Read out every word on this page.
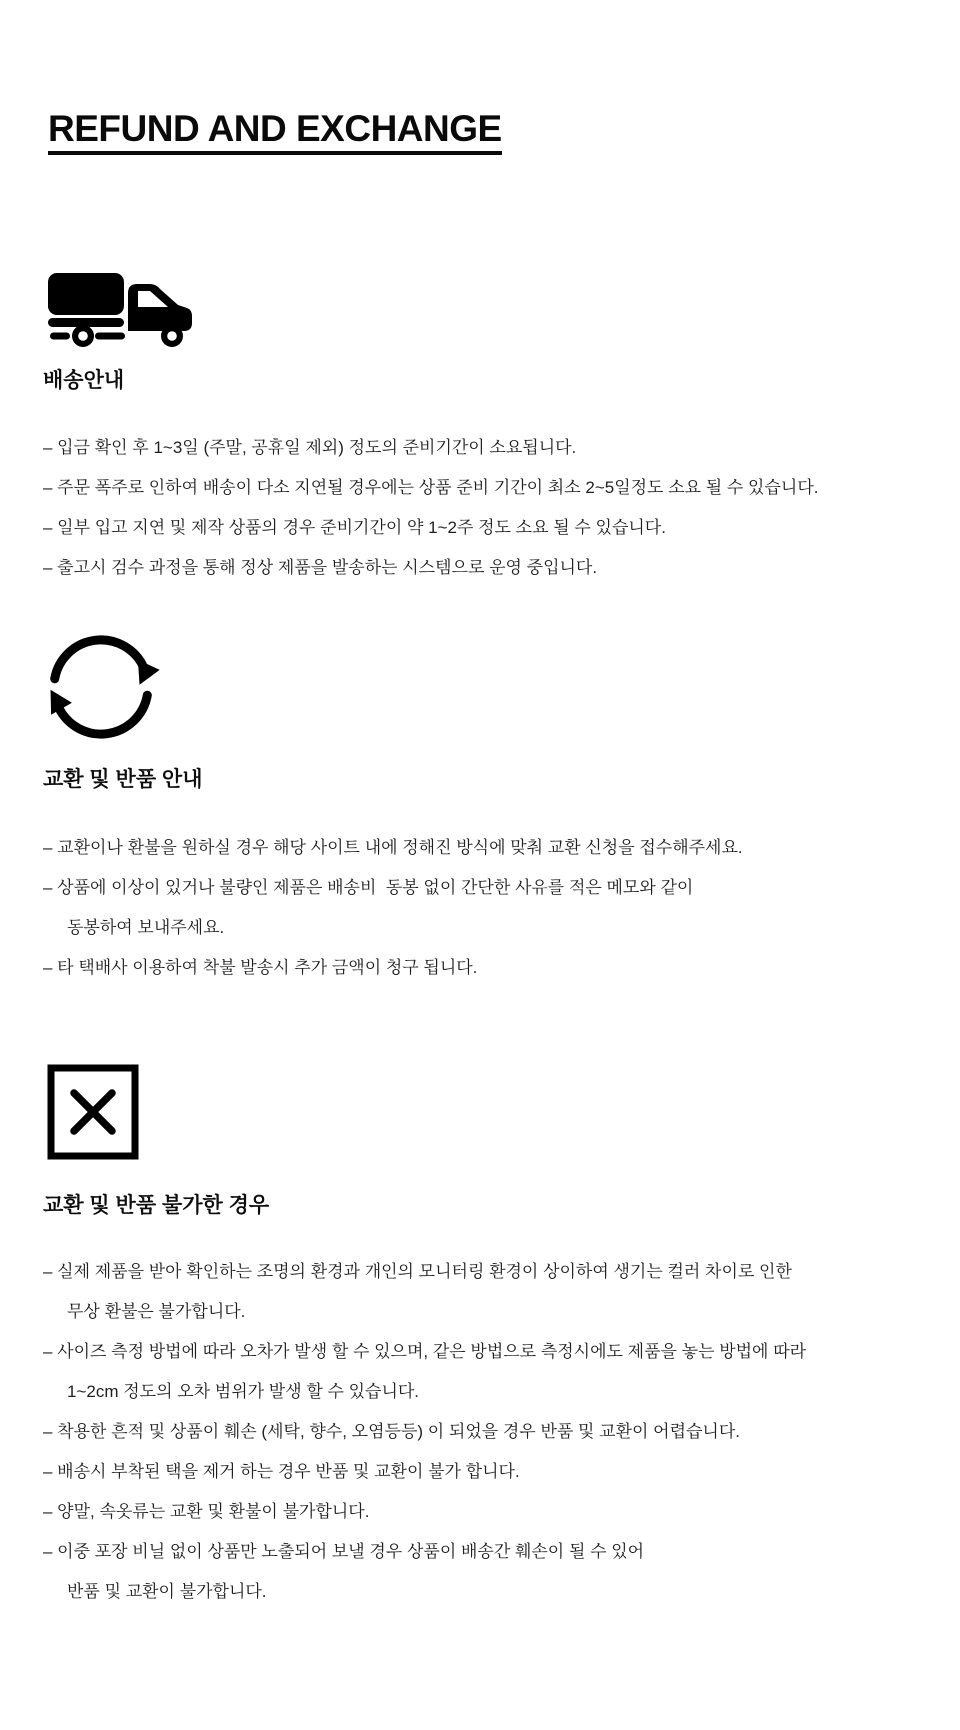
REFUND AND EXCHANGE
배송안내
– 입금 확인 후 1~3일 (주말, 공휴일 제외) 정도의 준비기간이 소요됩니다.
– 주문 폭주로 인하여 배송이 다소 지연될 경우에는 상품 준비 기간이 최소 2~5일정도 소요 될 수 있습니다.
– 일부 입고 지연 및 제작 상품의 경우 준비기간이 약 1~2주 정도 소요 될 수 있습니다.
– 출고시 검수 과정을 통해 정상 제품을 발송하는 시스템으로 운영 중입니다.
교환 및 반품 안내
– 교환이나 환불을 원하실 경우 해당 사이트 내에 정해진 방식에 맞춰 교환 신청을 접수해주세요.
– 상품에 이상이 있거나 불량인 제품은 배송비  동봉 없이 간단한 사유를 적은 메모와 같이
동봉하여 보내주세요.
– 타 택배사 이용하여 착불 발송시 추가 금액이 청구 됩니다.
교환 및 반품 불가한 경우
– 실제 제품을 받아 확인하는 조명의 환경과 개인의 모니터링 환경이 상이하여 생기는 컬러 차이로 인한
무상 환불은 불가합니다.
– 사이즈 측정 방법에 따라 오차가 발생 할 수 있으며, 같은 방법으로 측정시에도 제품을 놓는 방법에 따라
1~2cm 정도의 오차 범위가 발생 할 수 있습니다.
– 착용한 흔적 및 상품이 훼손 (세탁, 향수, 오염등등) 이 되었을 경우 반품 및 교환이 어렵습니다.
– 배송시 부착된 택을 제거 하는 경우 반품 및 교환이 불가 합니다.
– 양말, 속옷류는 교환 및 환불이 불가합니다.
– 이중 포장 비닐 없이 상품만 노출되어 보낼 경우 상품이 배송간 훼손이 될 수 있어
반품 및 교환이 불가합니다.
